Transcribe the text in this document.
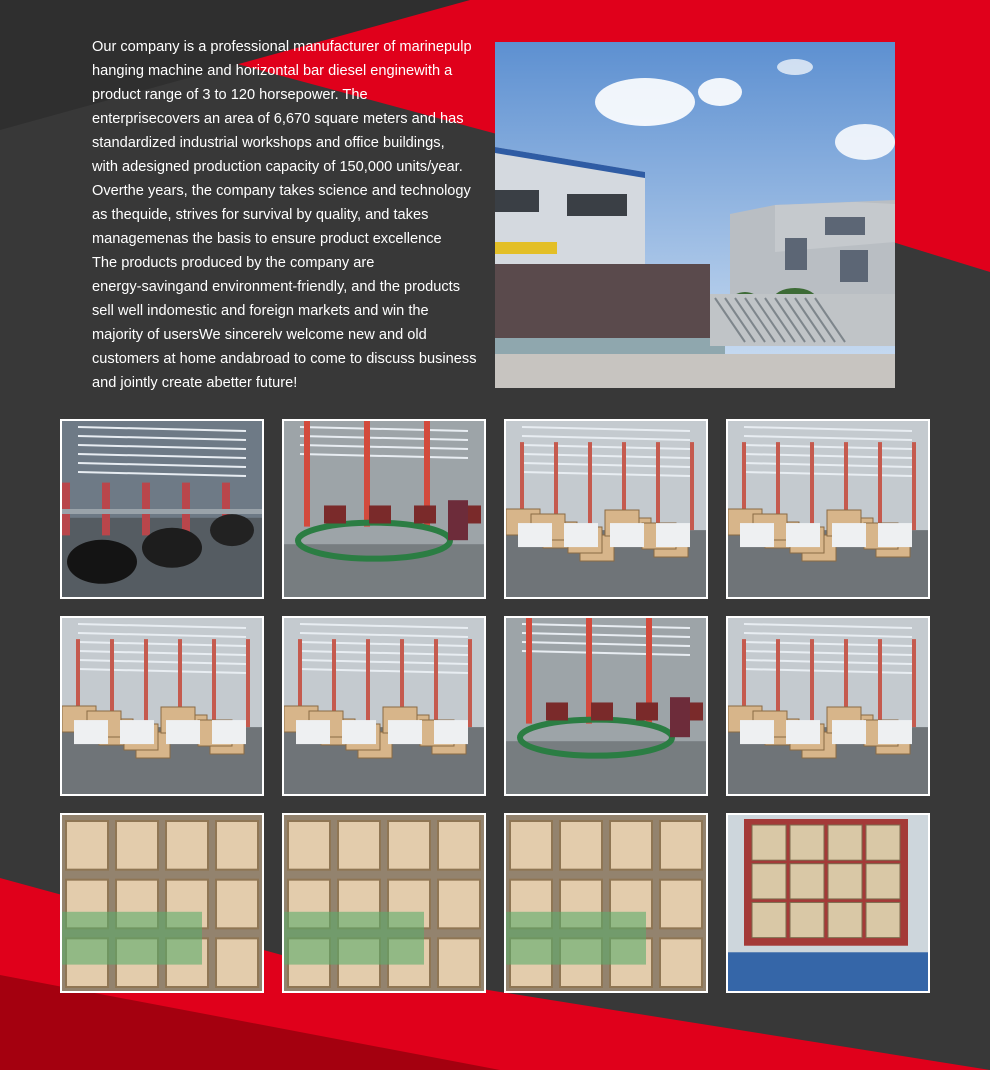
Our company is a professional manufacturer of marinepulp
hanging machine and horizontal bar diesel enginewith a
product range of 3 to 120 horsepower. The
enterprisecovers an area of 6,670 square meters and has
standardized industrial workshops and office buildings,
with adesigned production capacity of 150,000 units/year.
Overthe years, the company takes science and technology
as thequide, strives for survival by quality, and takes
managemenas the basis to ensure product excellence
The products produced by the company are
energy-savingand environment-friendly, and the products
sell well indomestic and foreign markets and win the
majority of usersWe sincerelv welcome new and old
customers at home andabroad to come to discuss business
and jointly create abetter future!
